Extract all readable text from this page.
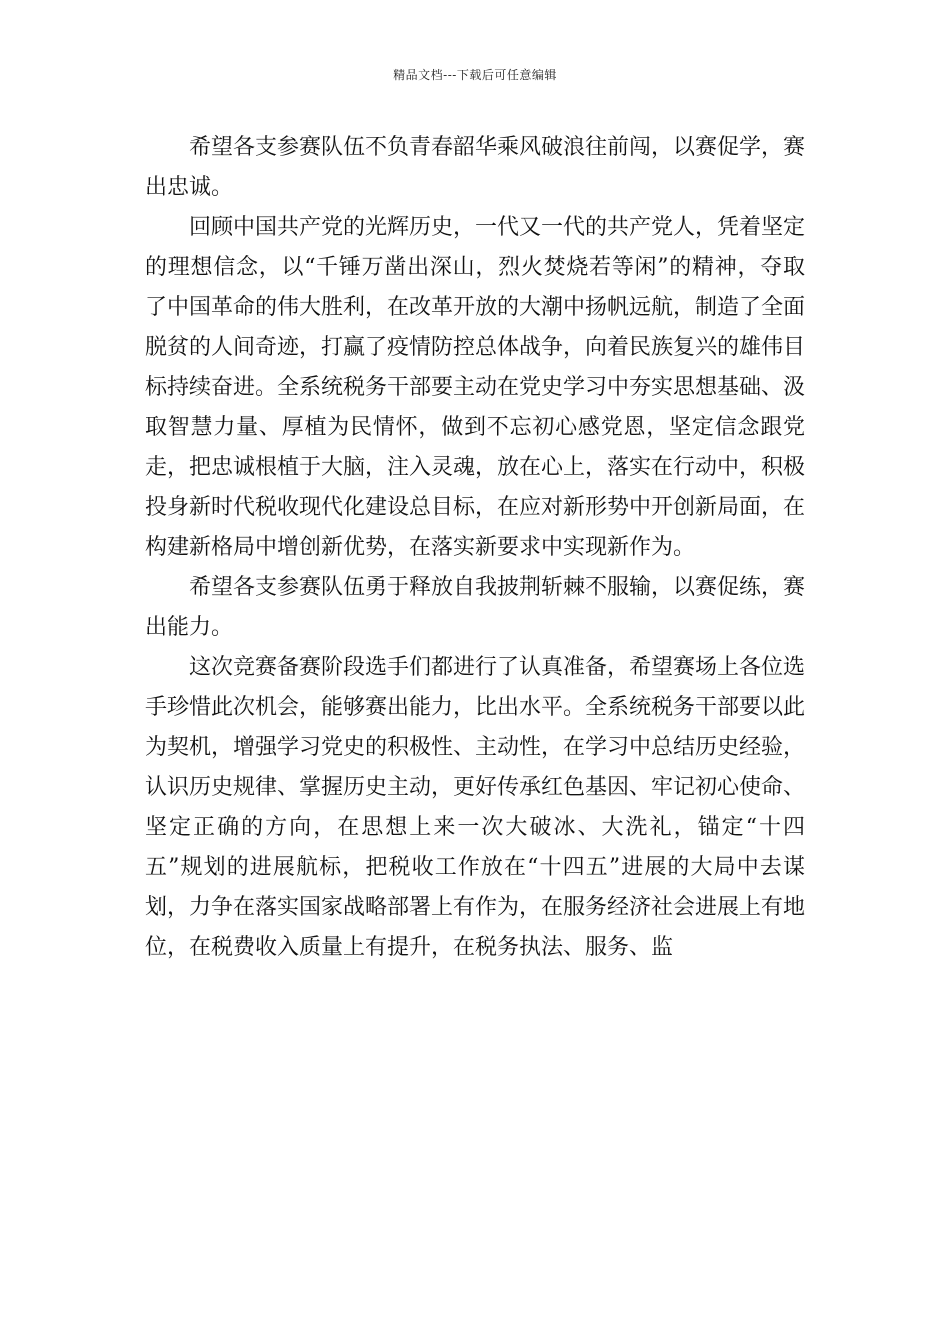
精品文档---下载后可任意编辑

希望各支参赛队伍不负青春韶华乘风破浪往前闯，以赛促学，赛出忠诚。

回顾中国共产党的光辉历史，一代又一代的共产党人，凭着坚定的理想信念，以“千锤万凿出深山，烈火焚烧若等闲”的精神，夺取了中国革命的伟大胜利，在改革开放的大潮中扬帆远航，制造了全面脱贫的人间奇迹，打赢了疫情防控总体战争，向着民族复兴的雄伟目标持续奋进。全系统税务干部要主动在党史学习中夯实思想基础、汲取智慧力量、厚植为民情怀，做到不忘初心感党恩，坚定信念跟党走，把忠诚根植于大脑，注入灵魂，放在心上，落实在行动中，积极投身新时代税收现代化建设总目标，在应对新形势中开创新局面，在构建新格局中增创新优势，在落实新要求中实现新作为。

希望各支参赛队伍勇于释放自我披荆斩棘不服输，以赛促练，赛出能力。

这次竞赛备赛阶段选手们都进行了认真准备，希望赛场上各位选手珍惜此次机会，能够赛出能力，比出水平。全系统税务干部要以此为契机，增强学习党史的积极性、主动性，在学习中总结历史经验，认识历史规律、掌握历史主动，更好传承红色基因、牢记初心使命、坚定正确的方向，在思想上来一次大破冰、大洗礼，锚定“十四五”规划的进展航标，把税收工作放在“十四五”进展的大局中去谋划，力争在落实国家战略部署上有作为，在服务经济社会进展上有地位，在税费收入质量上有提升，在税务执法、服务、监
